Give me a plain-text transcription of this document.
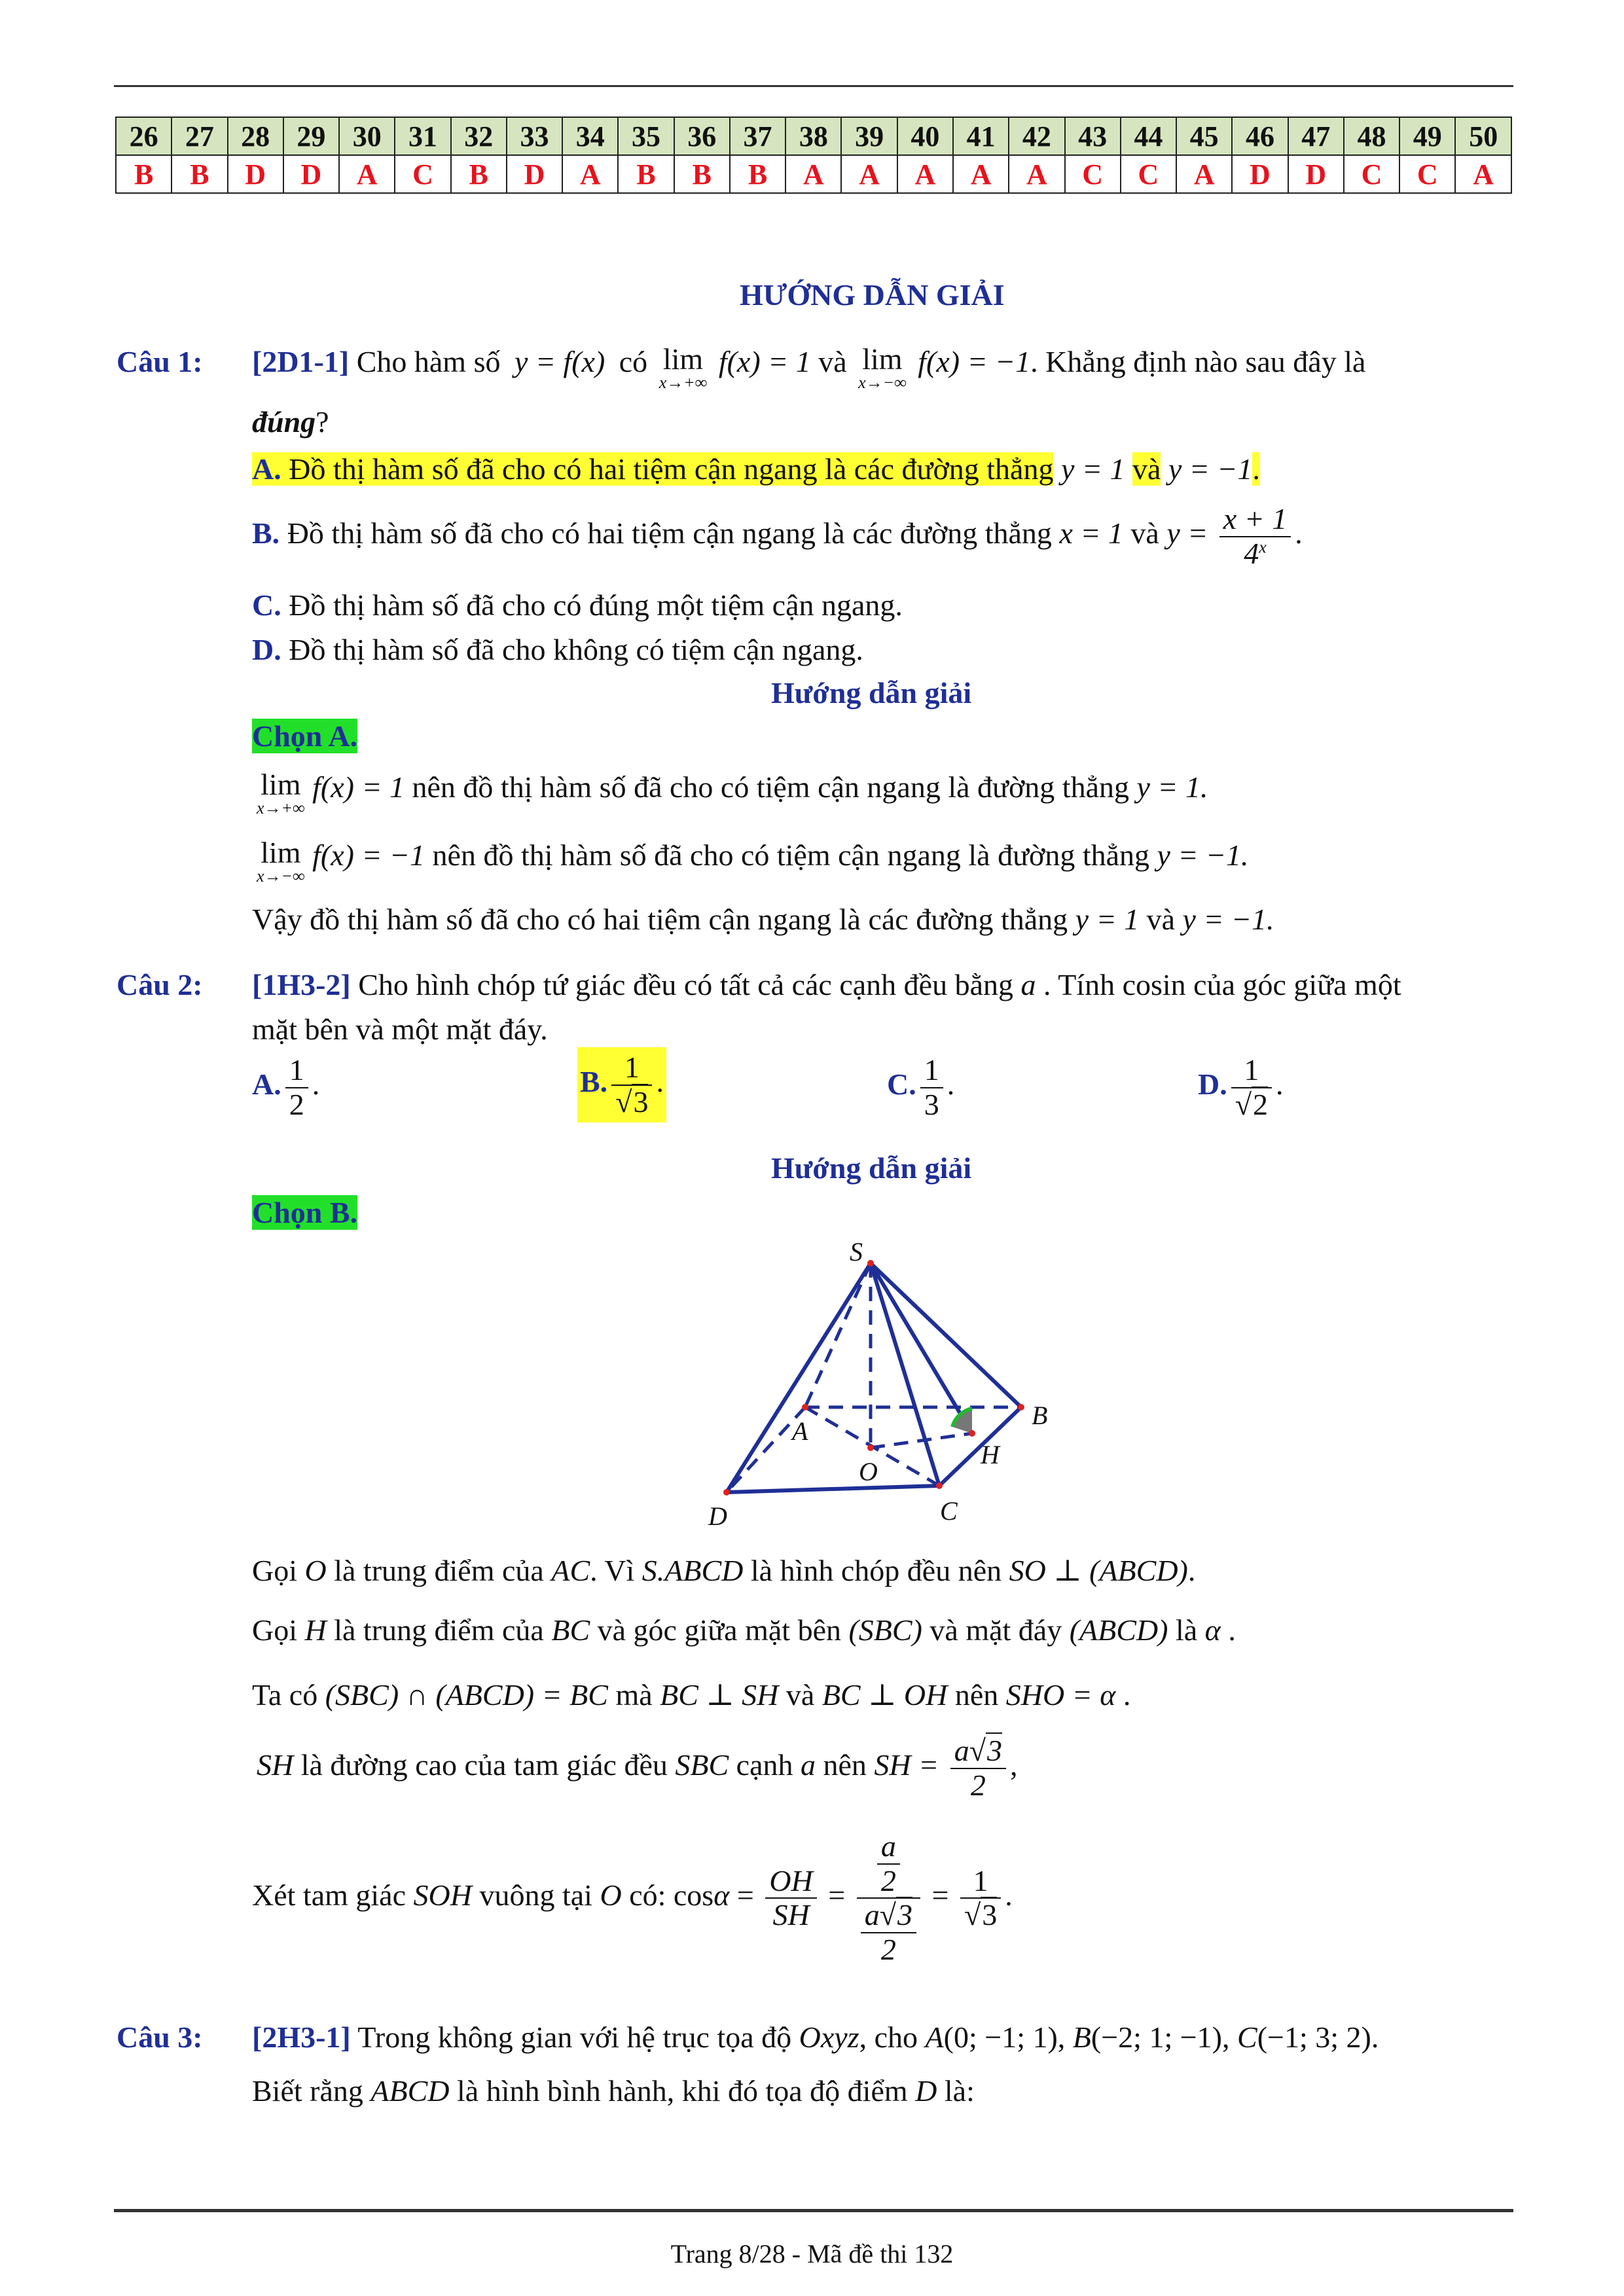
26	27	28	29	30	31	32	33	34	35	36	37	38	39	40	41	42	43	44	45	46	47	48	49	50
B	B	D	D	A	C	B	D	A	B	B	B	A	A	A	A	A	C	C	A	D	D	C	C	A
HƯỚNG DẪN GIẢI
Câu 1: [2D1-1] Cho hàm số y = f(x) có lim
x→+∞
f(x) = 1 và lim
x→−∞
f(x) = −1. Khẳng định nào sau đây là
đúng?
A. Đồ thị hàm số đã cho có hai tiệm cận ngang là các đường thẳng y = 1 và y = −1.
B. Đồ thị hàm số đã cho có hai tiệm cận ngang là các đường thẳng x = 1 và $y = \frac{x + 1}{4^x}$ .
C. Đồ thị hàm số đã cho có đúng một tiệm cận ngang.
D. Đồ thị hàm số đã cho không có tiệm cận ngang.
Hướng dẫn giải
Chọn A.
lim
x→+∞
f(x) = 1 nên đồ thị hàm số đã cho có tiệm cận ngang là đường thẳng y = 1.
lim
x→−∞
f(x) = −1 nên đồ thị hàm số đã cho có tiệm cận ngang là đường thẳng y = −1.
Vậy đồ thị hàm số đã cho có hai tiệm cận ngang là các đường thẳng y = 1 và y = −1.
Câu 2: [1H3-2] Cho hình chóp tứ giác đều có tất cả các cạnh đều bằng a . Tính cosin của góc giữa một
mặt bên và một mặt đáy.
A. $\frac{1}{2}$ .	B. $\frac{1}{√3}$ .	C. $\frac{1}{3}$ .	D. $\frac{1}{√2}$ .
Hướng dẫn giải
Chọn B.
S
A
B
O
H
C
D
Gọi O là trung điểm của AC. Vì S.ABCD là hình chóp đều nên SO ⊥ (ABCD).
Gọi H là trung điểm của BC và góc giữa mặt bên (SBC) và mặt đáy (ABCD) là α .
Ta có (SBC) ∩ (ABCD) = BC mà BC ⊥ SH và BC ⊥ OH nên SHO = α .
SH là đường cao của tam giác đều SBC cạnh a nên SH = $\frac{a√3}{2}$ ,
Xét tam giác SOH vuông tại O có: $\cos\alpha = \frac{OH}{SH} = \frac{\frac{a}{2}}{\frac{a√3}{2}} = \frac{1}{√3}$ .
Câu 3: [2H3-1] Trong không gian với hệ trục tọa độ Oxyz, cho A(0; −1; 1), B(−2; 1; −1), C(−1; 3; 2).
Biết rằng ABCD là hình bình hành, khi đó tọa độ điểm D là:
Trang 8/28 - Mã đề thi 132
